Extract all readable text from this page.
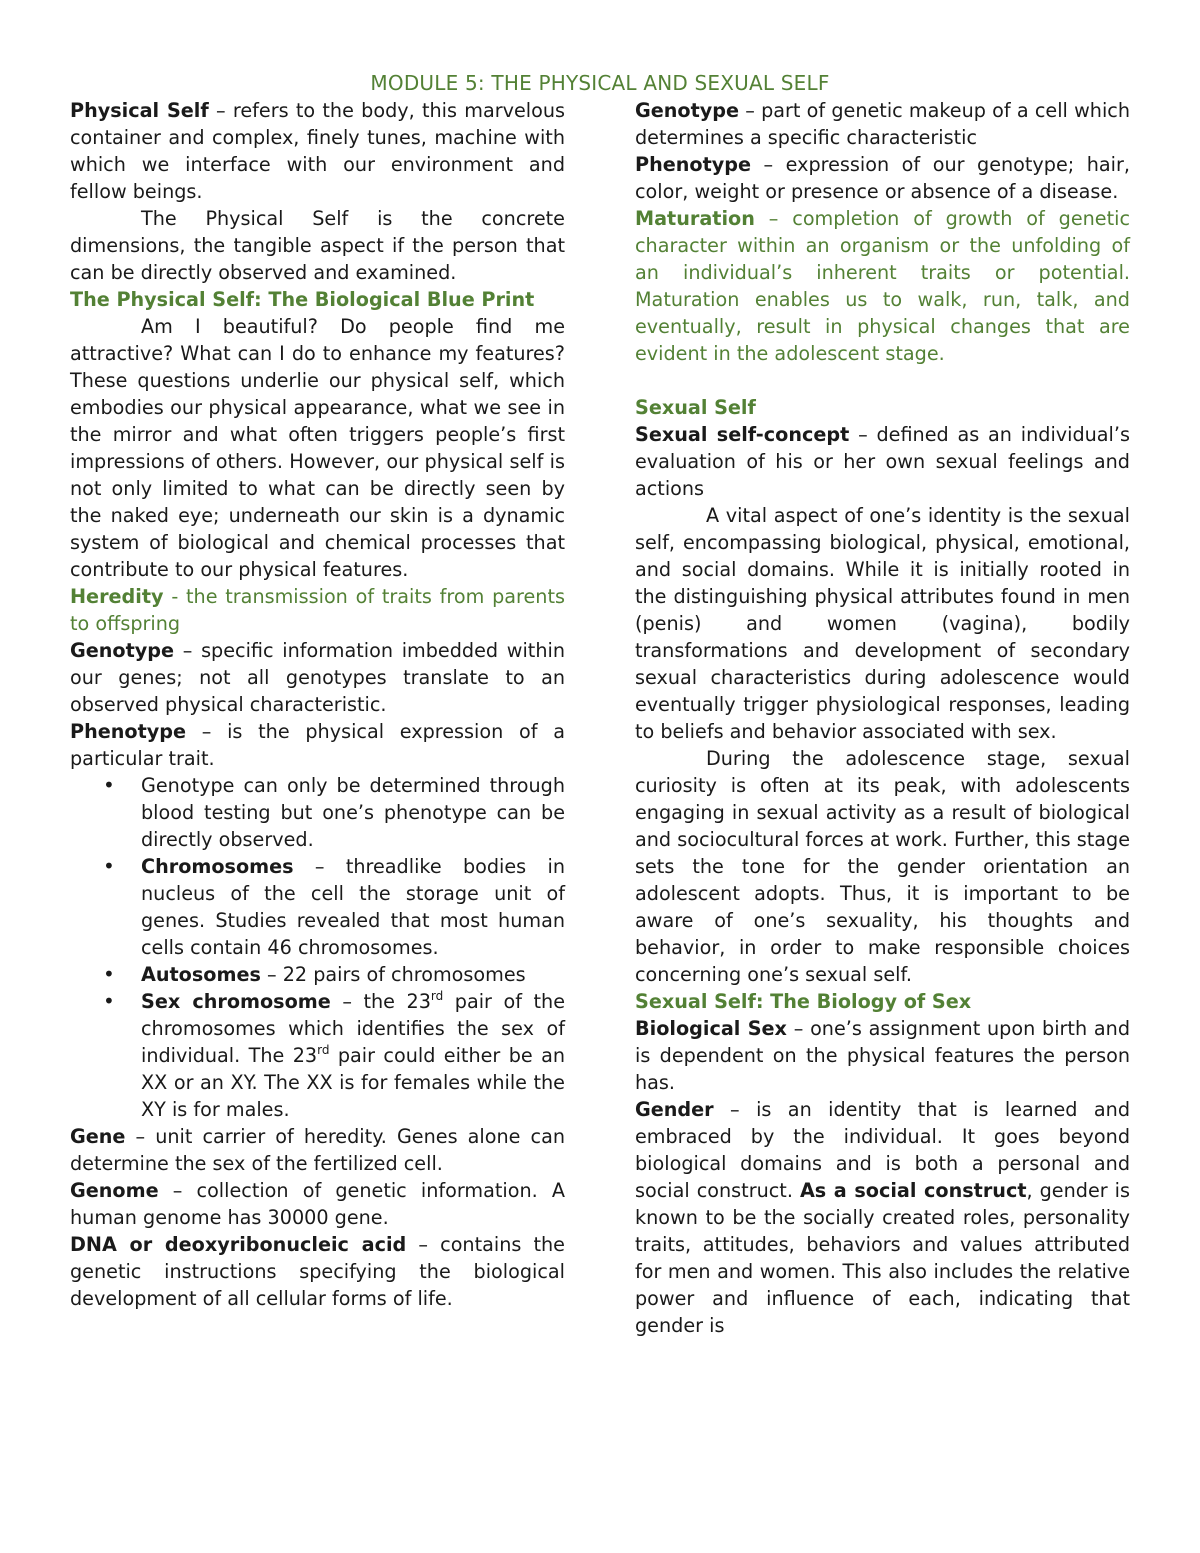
MODULE 5: THE PHYSICAL AND SEXUAL SELF

Physical Self – refers to the body, this marvelous container and complex, finely tunes, machine with which we interface with our environment and fellow beings.

The Physical Self is the concrete dimensions, the tangible aspect if the person that can be directly observed and examined.

The Physical Self: The Biological Blue Print

Am I beautiful? Do people find me attractive? What can I do to enhance my features? These questions underlie our physical self, which embodies our physical appearance, what we see in the mirror and what often triggers people’s first impressions of others. However, our physical self is not only limited to what can be directly seen by the naked eye; underneath our skin is a dynamic system of biological and chemical processes that contribute to our physical features.

Heredity - the transmission of traits from parents to offspring

Genotype – specific information imbedded within our genes; not all genotypes translate to an observed physical characteristic.

Phenotype – is the physical expression of a particular trait.

• Genotype can only be determined through blood testing but one’s phenotype can be directly observed.
• Chromosomes – threadlike bodies in nucleus of the cell the storage unit of genes. Studies revealed that most human cells contain 46 chromosomes.
• Autosomes – 22 pairs of chromosomes
• Sex chromosome – the 23rd pair of the chromosomes which identifies the sex of individual. The 23rd pair could either be an XX or an XY. The XX is for females while the XY is for males.

Gene – unit carrier of heredity. Genes alone can determine the sex of the fertilized cell.

Genome – collection of genetic information. A human genome has 30000 gene.

DNA or deoxyribonucleic acid – contains the genetic instructions specifying the biological development of all cellular forms of life.

Genotype – part of genetic makeup of a cell which determines a specific characteristic

Phenotype – expression of our genotype; hair, color, weight or presence or absence of a disease.

Maturation – completion of growth of genetic character within an organism or the unfolding of an individual’s inherent traits or potential. Maturation enables us to walk, run, talk, and eventually, result in physical changes that are evident in the adolescent stage.

Sexual Self

Sexual self-concept – defined as an individual’s evaluation of his or her own sexual feelings and actions

A vital aspect of one’s identity is the sexual self, encompassing biological, physical, emotional, and social domains. While it is initially rooted in the distinguishing physical attributes found in men (penis) and women (vagina), bodily transformations and development of secondary sexual characteristics during adolescence would eventually trigger physiological responses, leading to beliefs and behavior associated with sex.

During the adolescence stage, sexual curiosity is often at its peak, with adolescents engaging in sexual activity as a result of biological and sociocultural forces at work. Further, this stage sets the tone for the gender orientation an adolescent adopts. Thus, it is important to be aware of one’s sexuality, his thoughts and behavior, in order to make responsible choices concerning one’s sexual self.

Sexual Self: The Biology of Sex

Biological Sex – one’s assignment upon birth and is dependent on the physical features the person has.

Gender – is an identity that is learned and embraced by the individual. It goes beyond biological domains and is both a personal and social construct. As a social construct, gender is known to be the socially created roles, personality traits, attitudes, behaviors and values attributed for men and women. This also includes the relative power and influence of each, indicating that gender is
